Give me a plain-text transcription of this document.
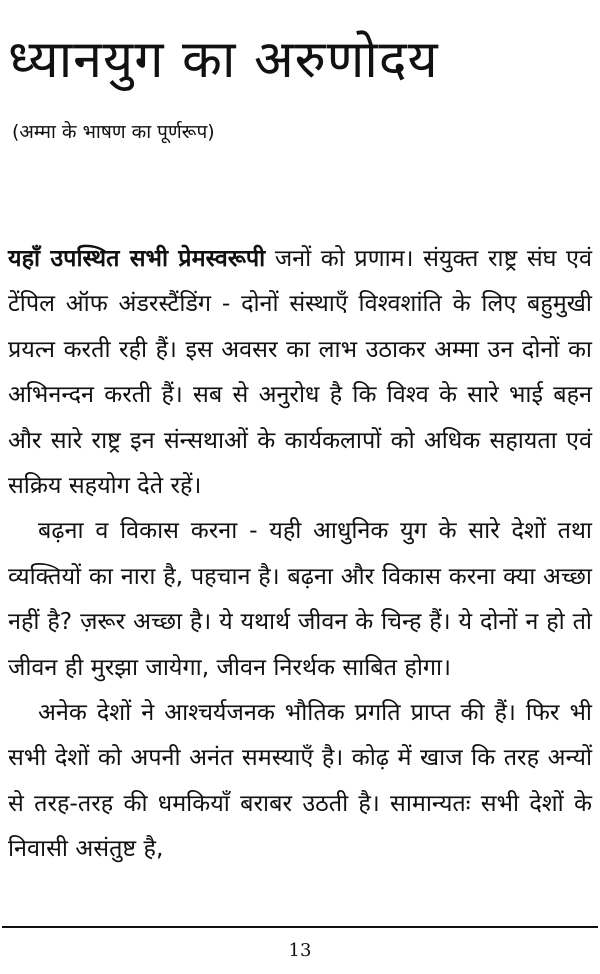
ध्यानयुग का अरुणोदय

(अम्मा के भाषण का पूर्णरूप)

यहाँ उपस्थित सभी प्रेमस्वरूपी जनों को प्रणाम। संयुक्त राष्ट्र संघ एवं टेंपिल ऑफ अंडरस्टैंडिंग - दोनों संस्थाएँ विश्वशांति के लिए बहुमुखी प्रयत्न करती रही हैं। इस अवसर का लाभ उठाकर अम्मा उन दोनों का अभिनन्दन करती हैं। सब से अनुरोध है कि विश्व के सारे भाई बहन और सारे राष्ट्र इन संन्सथाओं के कार्यकलापों को अधिक सहायता एवं सक्रिय सहयोग देते रहें।

बढ़ना व विकास करना - यही आधुनिक युग के सारे देशों तथा व्यक्तियों का नारा है, पहचान है। बढ़ना और विकास करना क्या अच्छा नहीं है? ज़रूर अच्छा है। ये यथार्थ जीवन के चिन्ह हैं। ये दोनों न हो तो जीवन ही मुरझा जायेगा, जीवन निरर्थक साबित होगा।

अनेक देशों ने आश्चर्यजनक भौतिक प्रगति प्राप्त की हैं। फिर भी सभी देशों को अपनी अनंत समस्याएँ है। कोढ़ में खाज कि तरह अन्यों से तरह-तरह की धमकियाँ बराबर उठती है। सामान्यतः सभी देशों के निवासी असंतुष्ट है,

13
